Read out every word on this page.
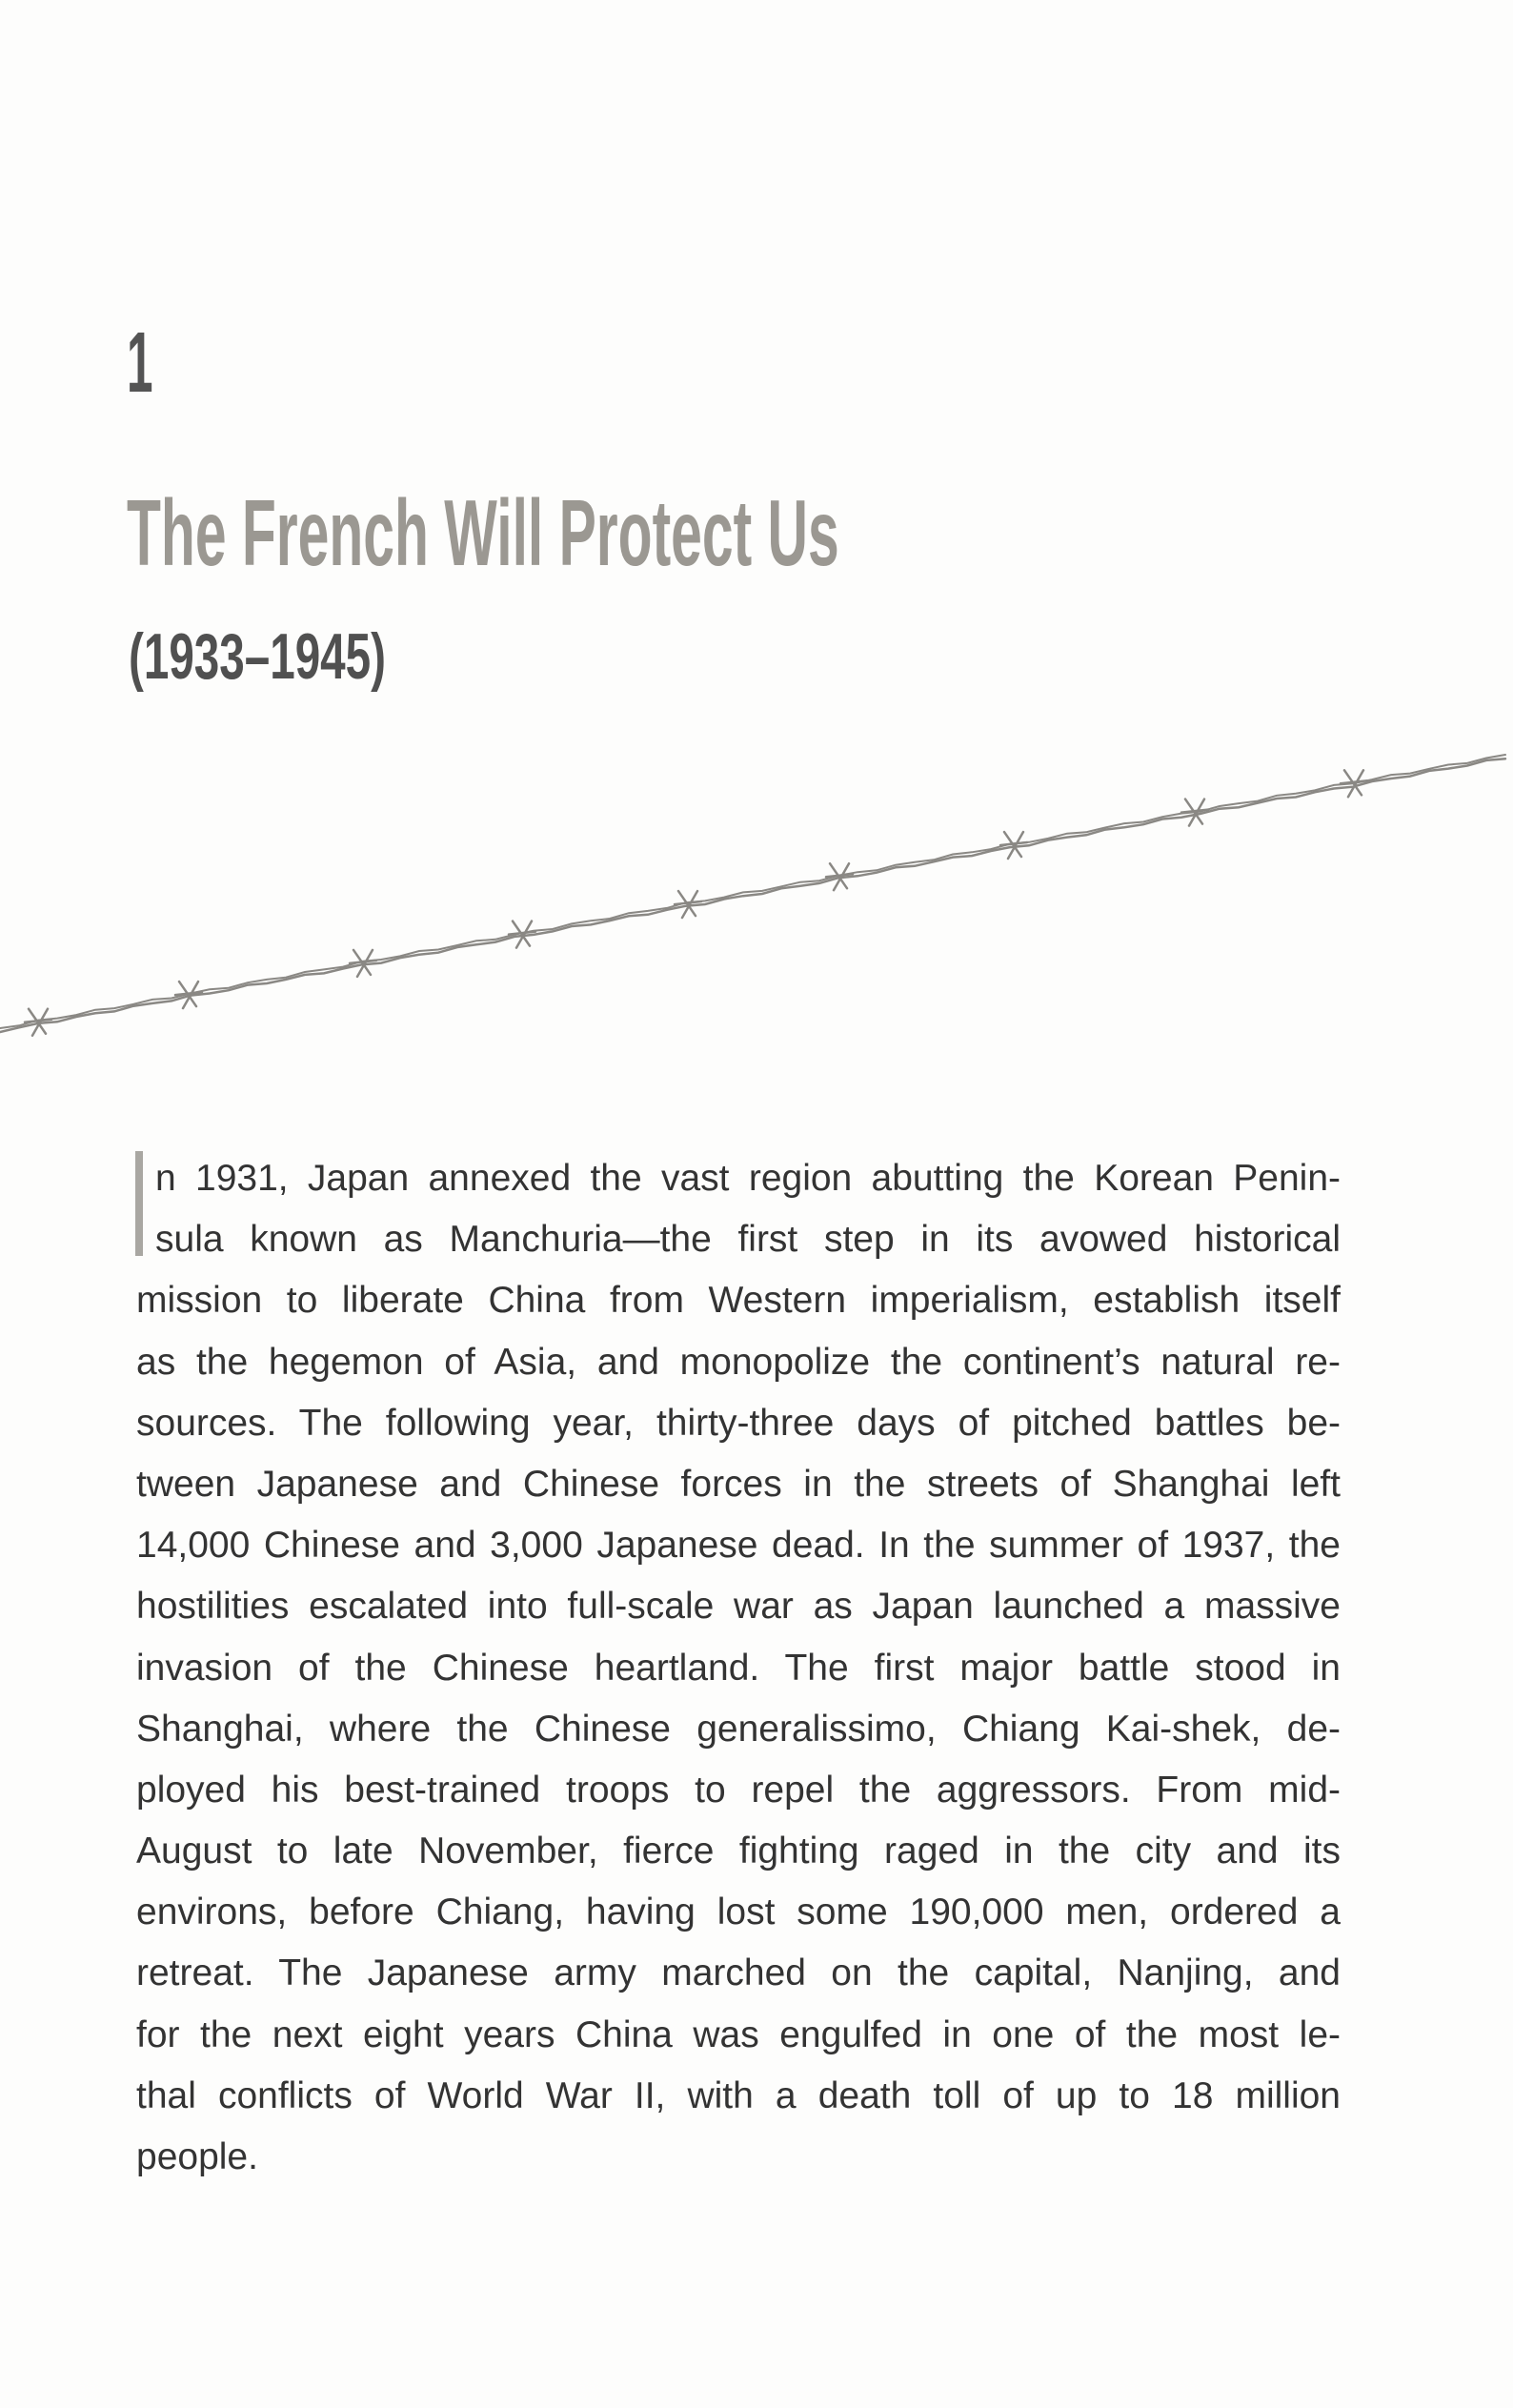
1
The French Will Protect Us
(1933–1945)
n 1931, Japan annexed the vast region abutting the Korean Penin-
sula known as Manchuria—the first step in its avowed historical
mission to liberate China from Western imperialism, establish itself
as the hegemon of Asia, and monopolize the continent’s natural re-
sources. The following year, thirty-three days of pitched battles be-
tween Japanese and Chinese forces in the streets of Shanghai left
14,000 Chinese and 3,000 Japanese dead. In the summer of 1937, the
hostilities escalated into full-scale war as Japan launched a massive
invasion of the Chinese heartland. The first major battle stood in
Shanghai, where the Chinese generalissimo, Chiang Kai-shek, de-
ployed his best-trained troops to repel the aggressors. From mid-
August to late November, fierce fighting raged in the city and its
environs, before Chiang, having lost some 190,000 men, ordered a
retreat. The Japanese army marched on the capital, Nanjing, and
for the next eight years China was engulfed in one of the most le-
thal conflicts of World War II, with a death toll of up to 18 million
people.
